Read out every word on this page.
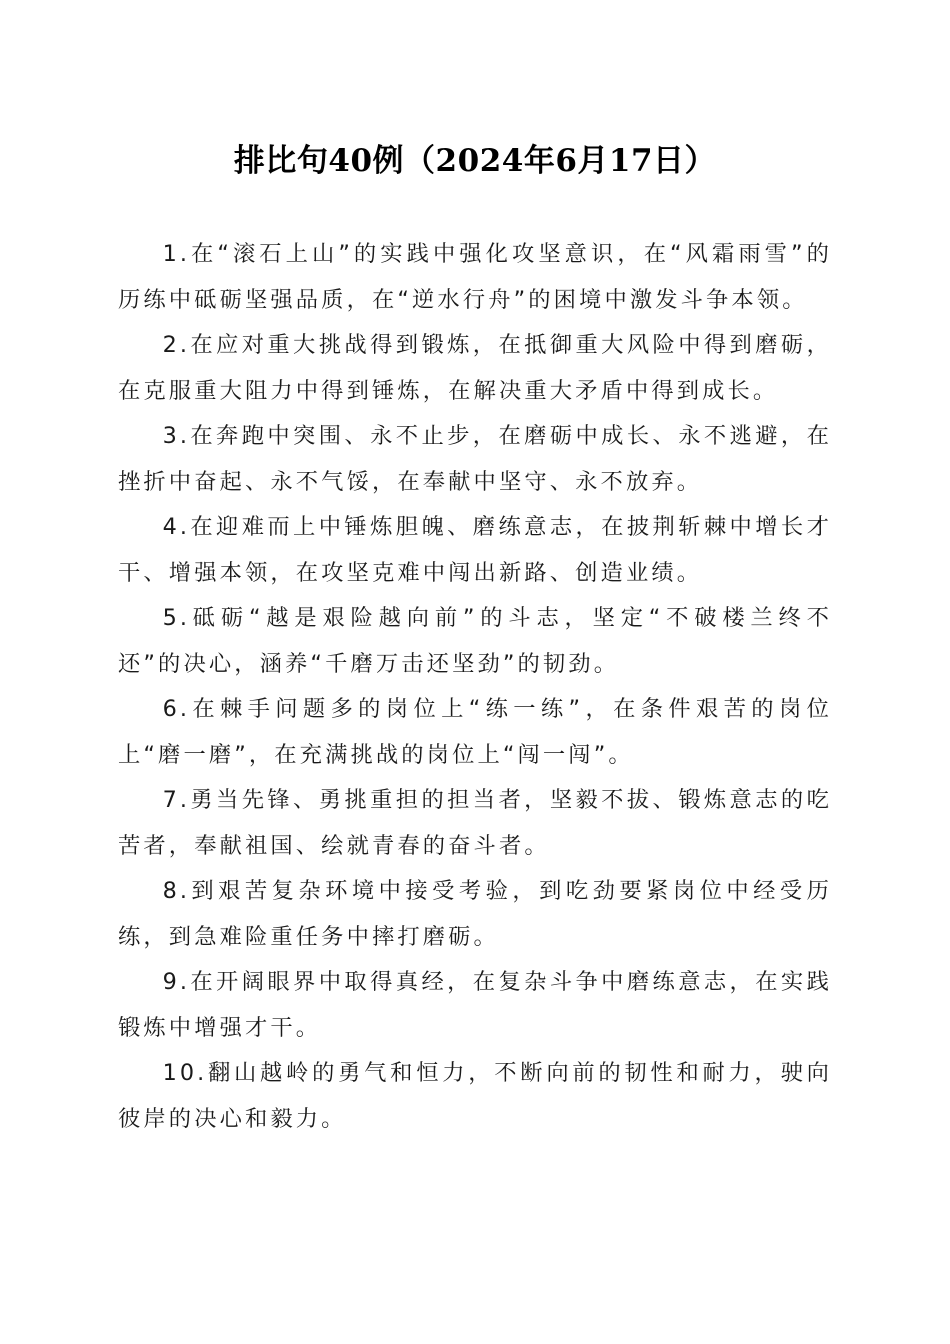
排比句40例（2024年6月17日）

1.在“滚石上山”的实践中强化攻坚意识，在“风霜雨雪”的历练中砥砺坚强品质，在“逆水行舟”的困境中激发斗争本领。

2.在应对重大挑战得到锻炼，在抵御重大风险中得到磨砺，在克服重大阻力中得到锤炼，在解决重大矛盾中得到成长。

3.在奔跑中突围、永不止步，在磨砺中成长、永不逃避，在挫折中奋起、永不气馁，在奉献中坚守、永不放弃。

4.在迎难而上中锤炼胆魄、磨练意志，在披荆斩棘中增长才干、增强本领，在攻坚克难中闯出新路、创造业绩。

5.砥砺“越是艰险越向前”的斗志，坚定“不破楼兰终不还”的决心，涵养“千磨万击还坚劲”的韧劲。

6.在棘手问题多的岗位上“练一练”，在条件艰苦的岗位上“磨一磨”，在充满挑战的岗位上“闯一闯”。

7.勇当先锋、勇挑重担的担当者，坚毅不拔、锻炼意志的吃苦者，奉献祖国、绘就青春的奋斗者。

8.到艰苦复杂环境中接受考验，到吃劲要紧岗位中经受历练，到急难险重任务中摔打磨砺。

9.在开阔眼界中取得真经，在复杂斗争中磨练意志，在实践锻炼中增强才干。

10.翻山越岭的勇气和恒力，不断向前的韧性和耐力，驶向彼岸的决心和毅力。
